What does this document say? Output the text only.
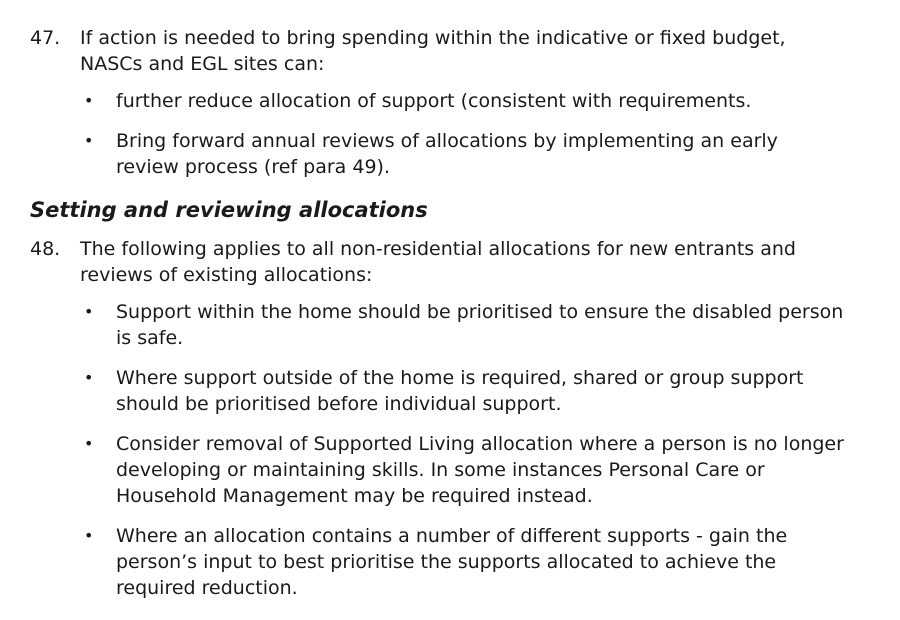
47.	If action is needed to bring spending within the indicative or fixed budget,
NASCs and EGL sites can:
•	further reduce allocation of support (consistent with requirements.
•	Bring forward annual reviews of allocations by implementing an early
review process (ref para 49).
Setting and reviewing allocations
48.	The following applies to all non-residential allocations for new entrants and
reviews of existing allocations:
•	Support within the home should be prioritised to ensure the disabled person
is safe.
•	Where support outside of the home is required, shared or group support
should be prioritised before individual support.
•	Consider removal of Supported Living allocation where a person is no longer
developing or maintaining skills. In some instances Personal Care or
Household Management may be required instead.
•	Where an allocation contains a number of different supports - gain the
person’s input to best prioritise the supports allocated to achieve the
required reduction.
